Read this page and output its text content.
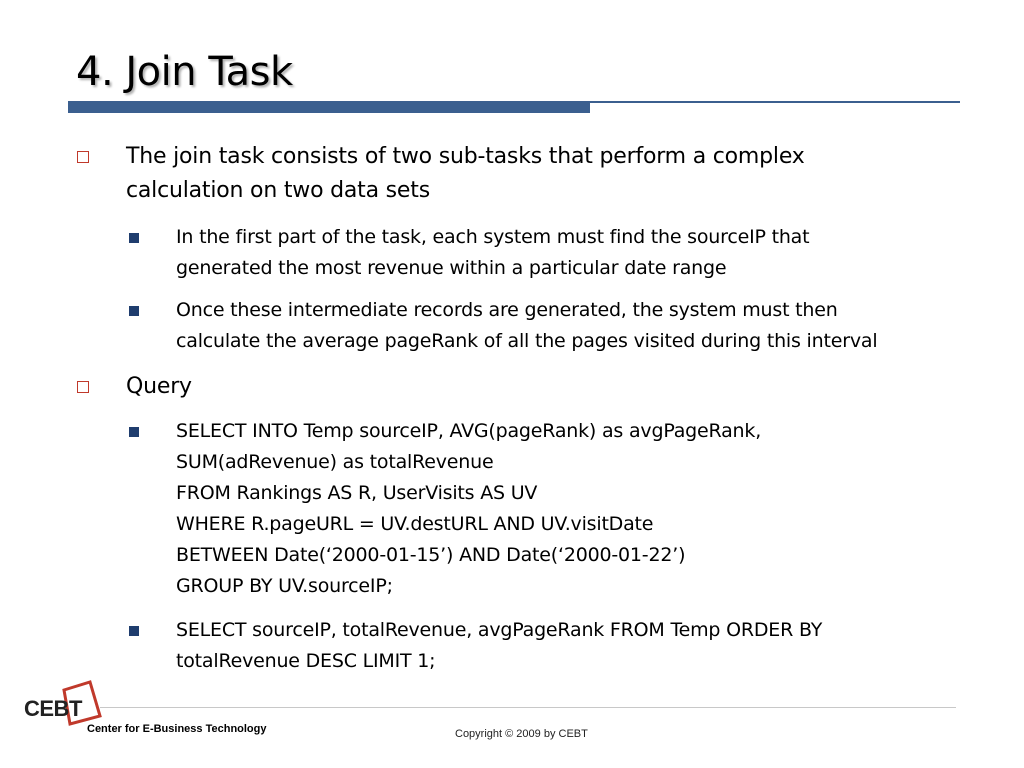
4. Join Task
The join task consists of two sub-tasks that perform a complex
calculation on two data sets
In the first part of the task, each system must find the sourceIP that
generated the most revenue within a particular date range
Once these intermediate records are generated, the system must then
calculate the average pageRank of all the pages visited during this interval
Query
SELECT INTO Temp sourceIP, AVG(pageRank) as avgPageRank,
SUM(adRevenue) as totalRevenue
FROM Rankings AS R, UserVisits AS UV
WHERE R.pageURL = UV.destURL AND UV.visitDate
BETWEEN Date(‘2000-01-15’) AND Date(‘2000-01-22’)
GROUP BY UV.sourceIP;
SELECT sourceIP, totalRevenue, avgPageRank FROM Temp ORDER BY
totalRevenue DESC LIMIT 1;
CEBT
Center for E-Business Technology	Copyright © 2009 by CEBT
